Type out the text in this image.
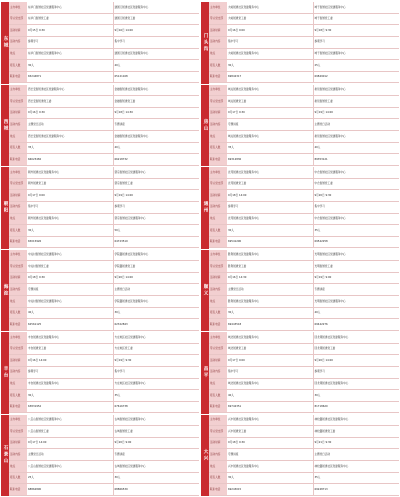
东城
主办单位	东华门街道社区党建服务中心	建国门街道社区党建服务中心
带头党支部	东华门街道党工委	建国门街道党工委
活动时间	9月15日 9:30	9月16日 14:00
活动内容	参观学习	集中学习
地点	东华门街道社区党建服务中心	建国门街道社区党建服务中心
报名人数	30人	40人
联系电话	65244871	65121168
西城
主办单位	西长安街街道社区党建服务中心	金融街街道社区党建服务中心
带头党支部	西长安街街道党工委	金融街街道党工委
活动时间	9月16日 9:30	9月18日 14:30
活动内容	主题党日活动	专题讲座
地点	西长安街街道社区党建服务中心	金融街街道社区党建服务中心
报名人数	35人	40人
联系电话	66023482	66218732
朝阳
主办单位	朝外街道社区党建服务中心	望京街道社区党建服务中心
带头党支部	朝外街道党工委	望京街道党工委
活动时间	9月17日 9:00	9月19日 14:00
活动内容	集中学习	参观学习
地点	朝外街道社区党建服务中心	望京街道社区党建服务中心
报名人数	30人	50人
联系电话	65015926	64723519
海淀
主办单位	中关村街道社区党建服务中心	学院路街道社区党建服务中心
带头党支部	中关村街道党工委	学院路街道党工委
活动时间	9月18日 9:30	9月20日 14:00
活动内容	专题讲座	主题党日活动
地点	中关村街道社区党建服务中心	学院路街道社区党建服务中心
报名人数	40人	30人
联系电话	62561125	62322843
丰台
主办单位	丰台街道社区党建服务中心	方庄地区社区党建服务中心
带头党支部	丰台街道党工委	方庄地区党工委
活动时间	9月16日 14:00	9月19日 9:30
活动内容	参观学习	集中学习
地点	丰台街道社区党建服务中心	方庄地区社区党建服务中心
报名人数	30人	35人
联系电话	63831952	67616738
石景山
主办单位	八宝山街道社区党建服务中心	古城街道社区党建服务中心
带头党支部	八宝山街道党工委	古城街道党工委
活动时间	9月17日 14:00	9月20日 9:00
活动内容	主题党日活动	专题讲座
地点	八宝山街道社区党建服务中心	古城街道社区党建服务中心
报名人数	25人	30人
联系电话	68862890	68866539
门头沟
主办单位	大峪街道社区党建服务中心	城子街道社区党建服务中心
带头党支部	大峪街道党工委	城子街道党工委
活动时间	9月16日 9:00	9月18日 9:30
活动内容	集中学习	参观学习
地点	大峪街道社区党建服务中心	城子街道社区党建服务中心
报名人数	30人	25人
联系电话	69842317	69849012
房山
主办单位	城关街道社区党建服务中心	拱辰街道社区党建服务中心
带头党支部	城关街道党工委	拱辰街道党工委
活动时间	9月17日 9:30	9月19日 14:00
活动内容	专题讲座	主题党日活动
地点	城关街道社区党建服务中心	拱辰街道社区党建服务中心
报名人数	35人	40人
联系电话	69312836	89353121
通州
主办单位	北苑街道社区党建服务中心	中仓街道社区党建服务中心
带头党支部	北苑街道党工委	中仓街道党工委
活动时间	9月18日 14:00	9月20日 9:30
活动内容	参观学习	集中学习
地点	北苑街道社区党建服务中心	中仓街道社区党建服务中心
报名人数	30人	35人
联系电话	69541290	69542258
顺义
主办单位	胜利街道社区党建服务中心	光明街道社区党建服务中心
带头党支部	胜利街道党工委	光明街道党工委
活动时间	9月16日 14:30	9月19日 9:00
活动内容	主题党日活动	专题讲座
地点	胜利街道社区党建服务中心	光明街道社区党建服务中心
报名人数	30人	40人
联系电话	69443518	69442276
昌平
主办单位	城北街道社区党建服务中心	回龙观街道社区党建服务中心
带头党支部	城北街道党工委	回龙观街道党工委
活动时间	9月17日 9:00	9月20日 14:00
活动内容	集中学习	参观学习
地点	城北街道社区党建服务中心	回龙观街道社区党建服务中心
报名人数	40人	30人
联系电话	69742351	81718620
大兴
主办单位	兴丰街道社区党建服务中心	林校路街道社区党建服务中心
带头党支部	兴丰街道党工委	林校路街道党工委
活动时间	9月18日 9:30	9月21日 9:30
活动内容	专题讲座	主题党日活动
地点	兴丰街道社区党建服务中心	林校路街道社区党建服务中心
报名人数	30人	35人
联系电话	69243015	69248713
